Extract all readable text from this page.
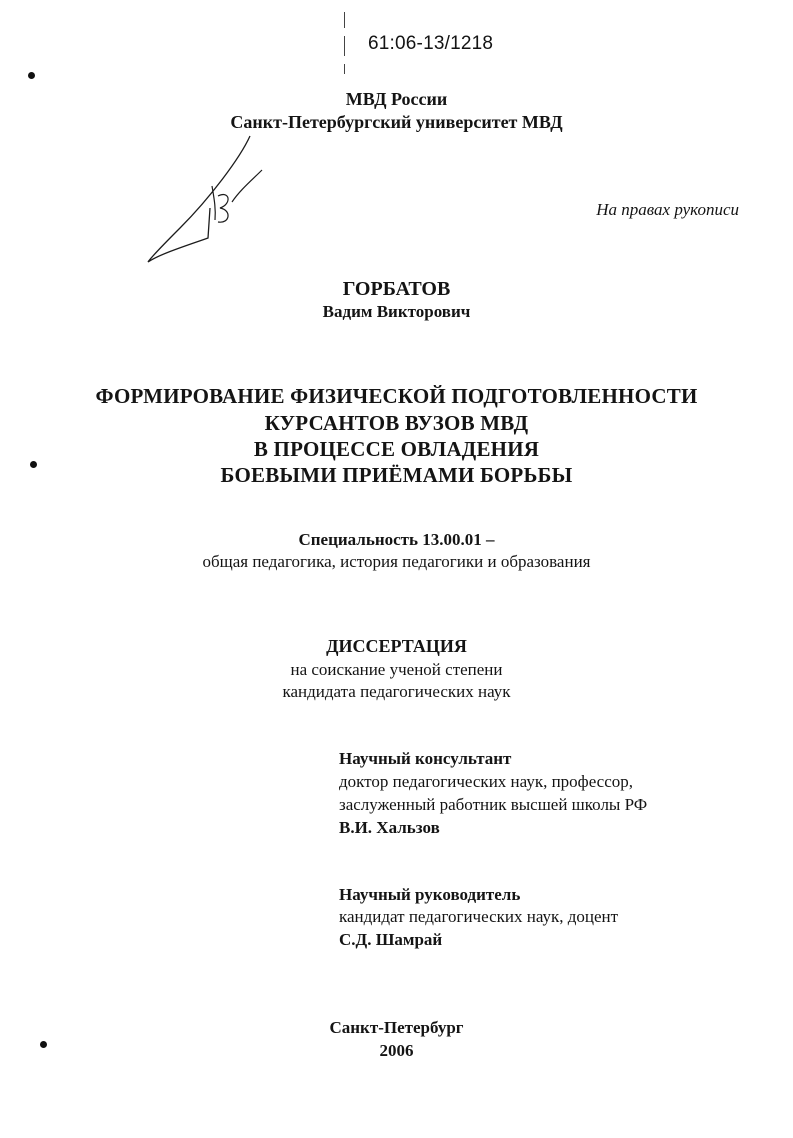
61:06-13/1218
МВД России
Санкт-Петербургский университет МВД
На правах рукописи
ГОРБАТОВ
Вадим Викторович
ФОРМИРОВАНИЕ ФИЗИЧЕСКОЙ ПОДГОТОВЛЕННОСТИ
КУРСАНТОВ ВУЗОВ МВД
В ПРОЦЕССЕ ОВЛАДЕНИЯ
БОЕВЫМИ ПРИЁМАМИ БОРЬБЫ
Специальность 13.00.01 –
общая педагогика, история педагогики и образования
ДИССЕРТАЦИЯ
на соискание ученой степени
кандидата педагогических наук
Научный консультант
доктор педагогических наук, профессор,
заслуженный работник высшей школы РФ
В.И. Хальзов
Научный руководитель
кандидат педагогических наук, доцент
С.Д. Шамрай
Санкт-Петербург
2006
